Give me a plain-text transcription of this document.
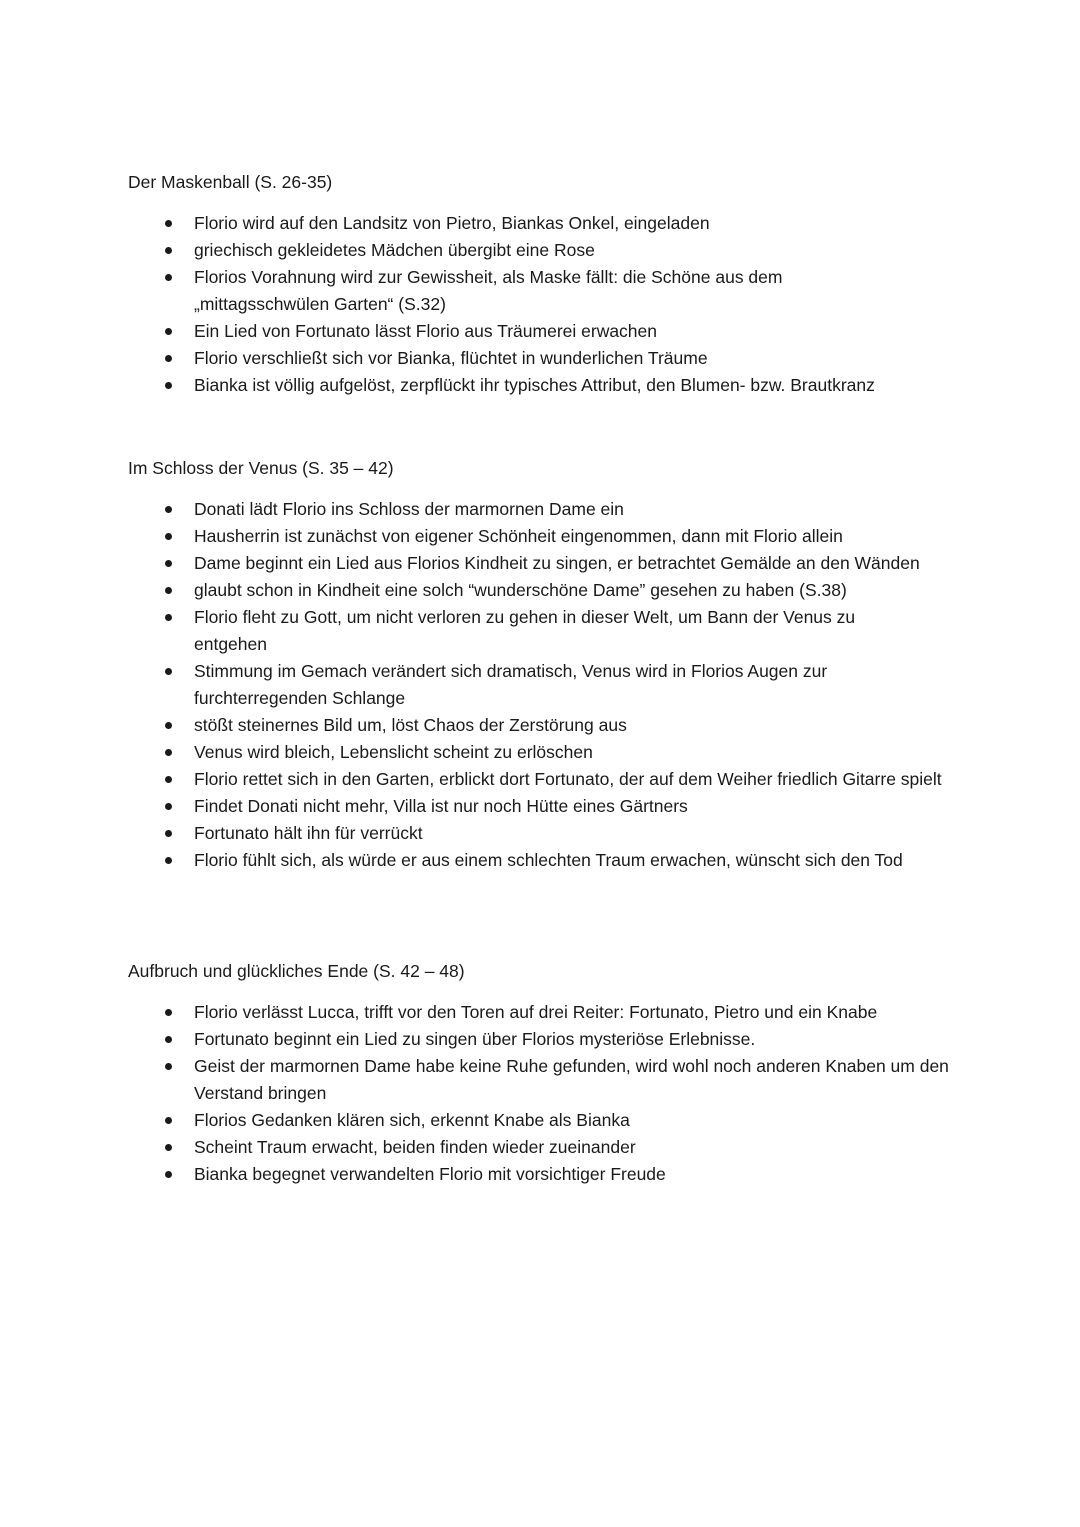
Der Maskenball (S. 26-35)
Florio wird auf den Landsitz von Pietro, Biankas Onkel, eingeladen
griechisch gekleidetes Mädchen übergibt eine Rose
Florios Vorahnung wird zur Gewissheit, als Maske fällt: die Schöne aus dem „mittagsschwülen Garten“ (S.32)
Ein Lied von Fortunato lässt Florio aus Träumerei erwachen
Florio verschließt sich vor Bianka, flüchtet in wunderlichen Träume
Bianka ist völlig aufgelöst, zerpflückt ihr typisches Attribut, den Blumen- bzw. Brautkranz
Im Schloss der Venus (S. 35 – 42)
Donati lädt Florio ins Schloss der marmornen Dame ein
Hausherrin ist zunächst von eigener Schönheit eingenommen, dann mit Florio allein
Dame beginnt ein Lied aus Florios Kindheit zu singen, er betrachtet Gemälde an den Wänden
glaubt schon in Kindheit eine solch “wunderschöne Dame” gesehen zu haben (S.38)
Florio fleht zu Gott, um nicht verloren zu gehen in dieser Welt, um Bann der Venus zu entgehen
Stimmung im Gemach verändert sich dramatisch, Venus wird in Florios Augen zur furchterregenden Schlange
stößt steinernes Bild um, löst Chaos der Zerstörung aus
Venus wird bleich, Lebenslicht scheint zu erlöschen
Florio rettet sich in den Garten, erblickt dort Fortunato, der auf dem Weiher friedlich Gitarre spielt
Findet Donati nicht mehr, Villa ist nur noch Hütte eines Gärtners
Fortunato hält ihn für verrückt
Florio fühlt sich, als würde er aus einem schlechten Traum erwachen, wünscht sich den Tod
Aufbruch und glückliches Ende (S. 42 – 48)
Florio verlässt Lucca, trifft vor den Toren auf drei Reiter: Fortunato, Pietro und ein Knabe
Fortunato beginnt ein Lied zu singen über Florios mysteriöse Erlebnisse.
Geist der marmornen Dame habe keine Ruhe gefunden, wird wohl noch anderen Knaben um den Verstand bringen
Florios Gedanken klären sich, erkennt Knabe als Bianka
Scheint Traum erwacht, beiden finden wieder zueinander
Bianka begegnet verwandelten Florio mit vorsichtiger Freude
